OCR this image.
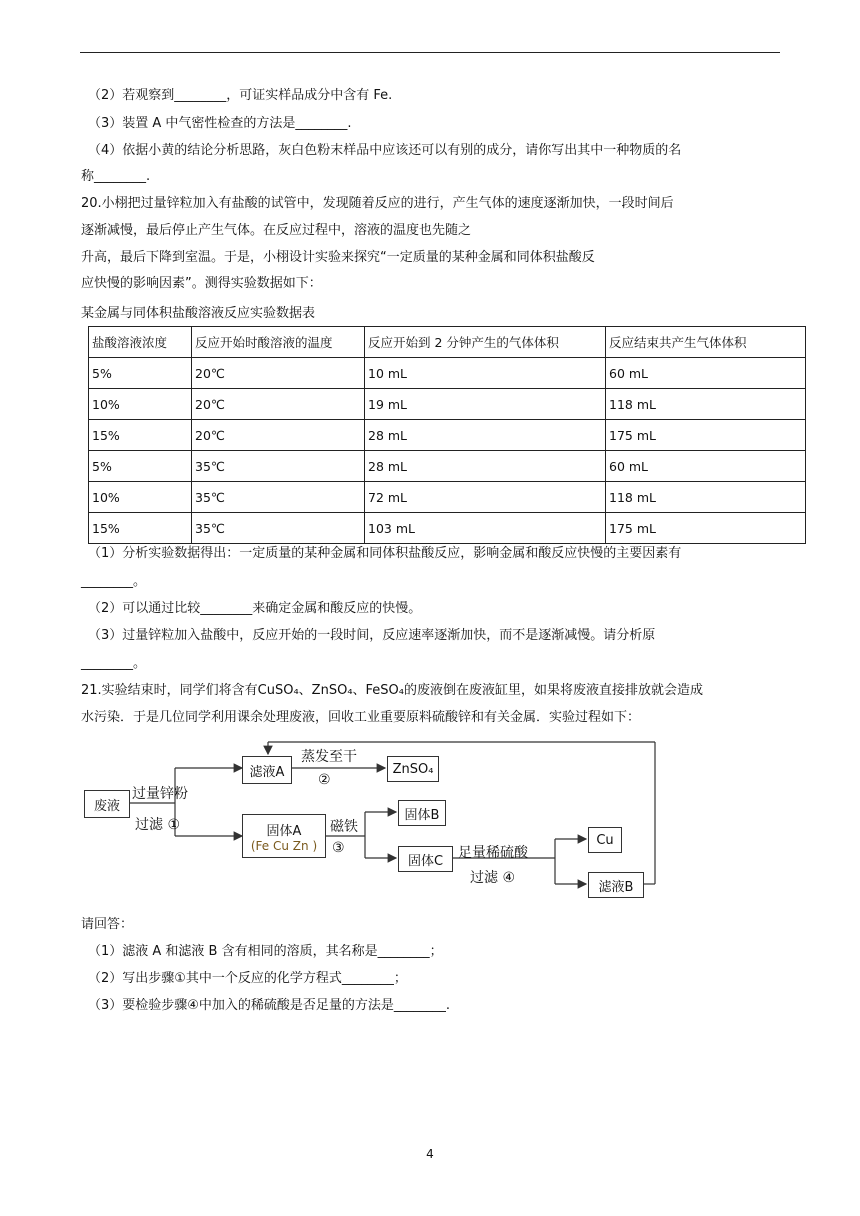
（2）若观察到________，可证实样品成分中含有 Fe.
（3）装置 A 中气密性检查的方法是________.
（4）依据小黄的结论分析思路，灰白色粉末样品中应该还可以有别的成分，请你写出其中一种物质的名
称________.
20.小栩把过量锌粒加入有盐酸的试管中，发现随着反应的进行，产生气体的速度逐渐加快，一段时间后
逐渐减慢，最后停止产生气体。在反应过程中，溶液的温度也先随之
升高，最后下降到室温。于是，小栩设计实验来探究“一定质量的某种金属和同体积盐酸反
应快慢的影响因素”。测得实验数据如下：
某金属与同体积盐酸溶液反应实验数据表
盐酸溶液浓度	反应开始时酸溶液的温度	反应开始到 2 分钟产生的气体体积	反应结束共产生气体体积
5%	20℃	10 mL	60 mL
10%	20℃	19 mL	118 mL
15%	20℃	28 mL	175 mL
5%	35℃	28 mL	60 mL
10%	35℃	72 mL	118 mL
15%	35℃	103 mL	175 mL
（1）分析实验数据得出：一定质量的某种金属和同体积盐酸反应，影响金属和酸反应快慢的主要因素有
________。
（2）可以通过比较________来确定金属和酸反应的快慢。
（3）过量锌粒加入盐酸中，反应开始的一段时间，反应速率逐渐加快，而不是逐渐减慢。请分析原
________。
21.实验结束时，同学们将含有CuSO₄、ZnSO₄、FeSO₄的废液倒在废液缸里，如果将废液直接排放就会造成
水污染．于是几位同学利用课余处理废液，回收工业重要原料硫酸锌和有关金属．实验过程如下：
废液
过量锌粉
过滤 ①
滤液A
蒸发至干
②
ZnSO₄
固体A
(Fe Cu Zn )
磁铁
③
固体B
固体C	足量稀硫酸
过滤 ④
Cu
滤液B
请回答：
（1）滤液 A 和滤液 B 含有相同的溶质，其名称是________；
（2）写出步骤①其中一个反应的化学方程式________；
（3）要检验步骤④中加入的稀硫酸是否足量的方法是________.
4
